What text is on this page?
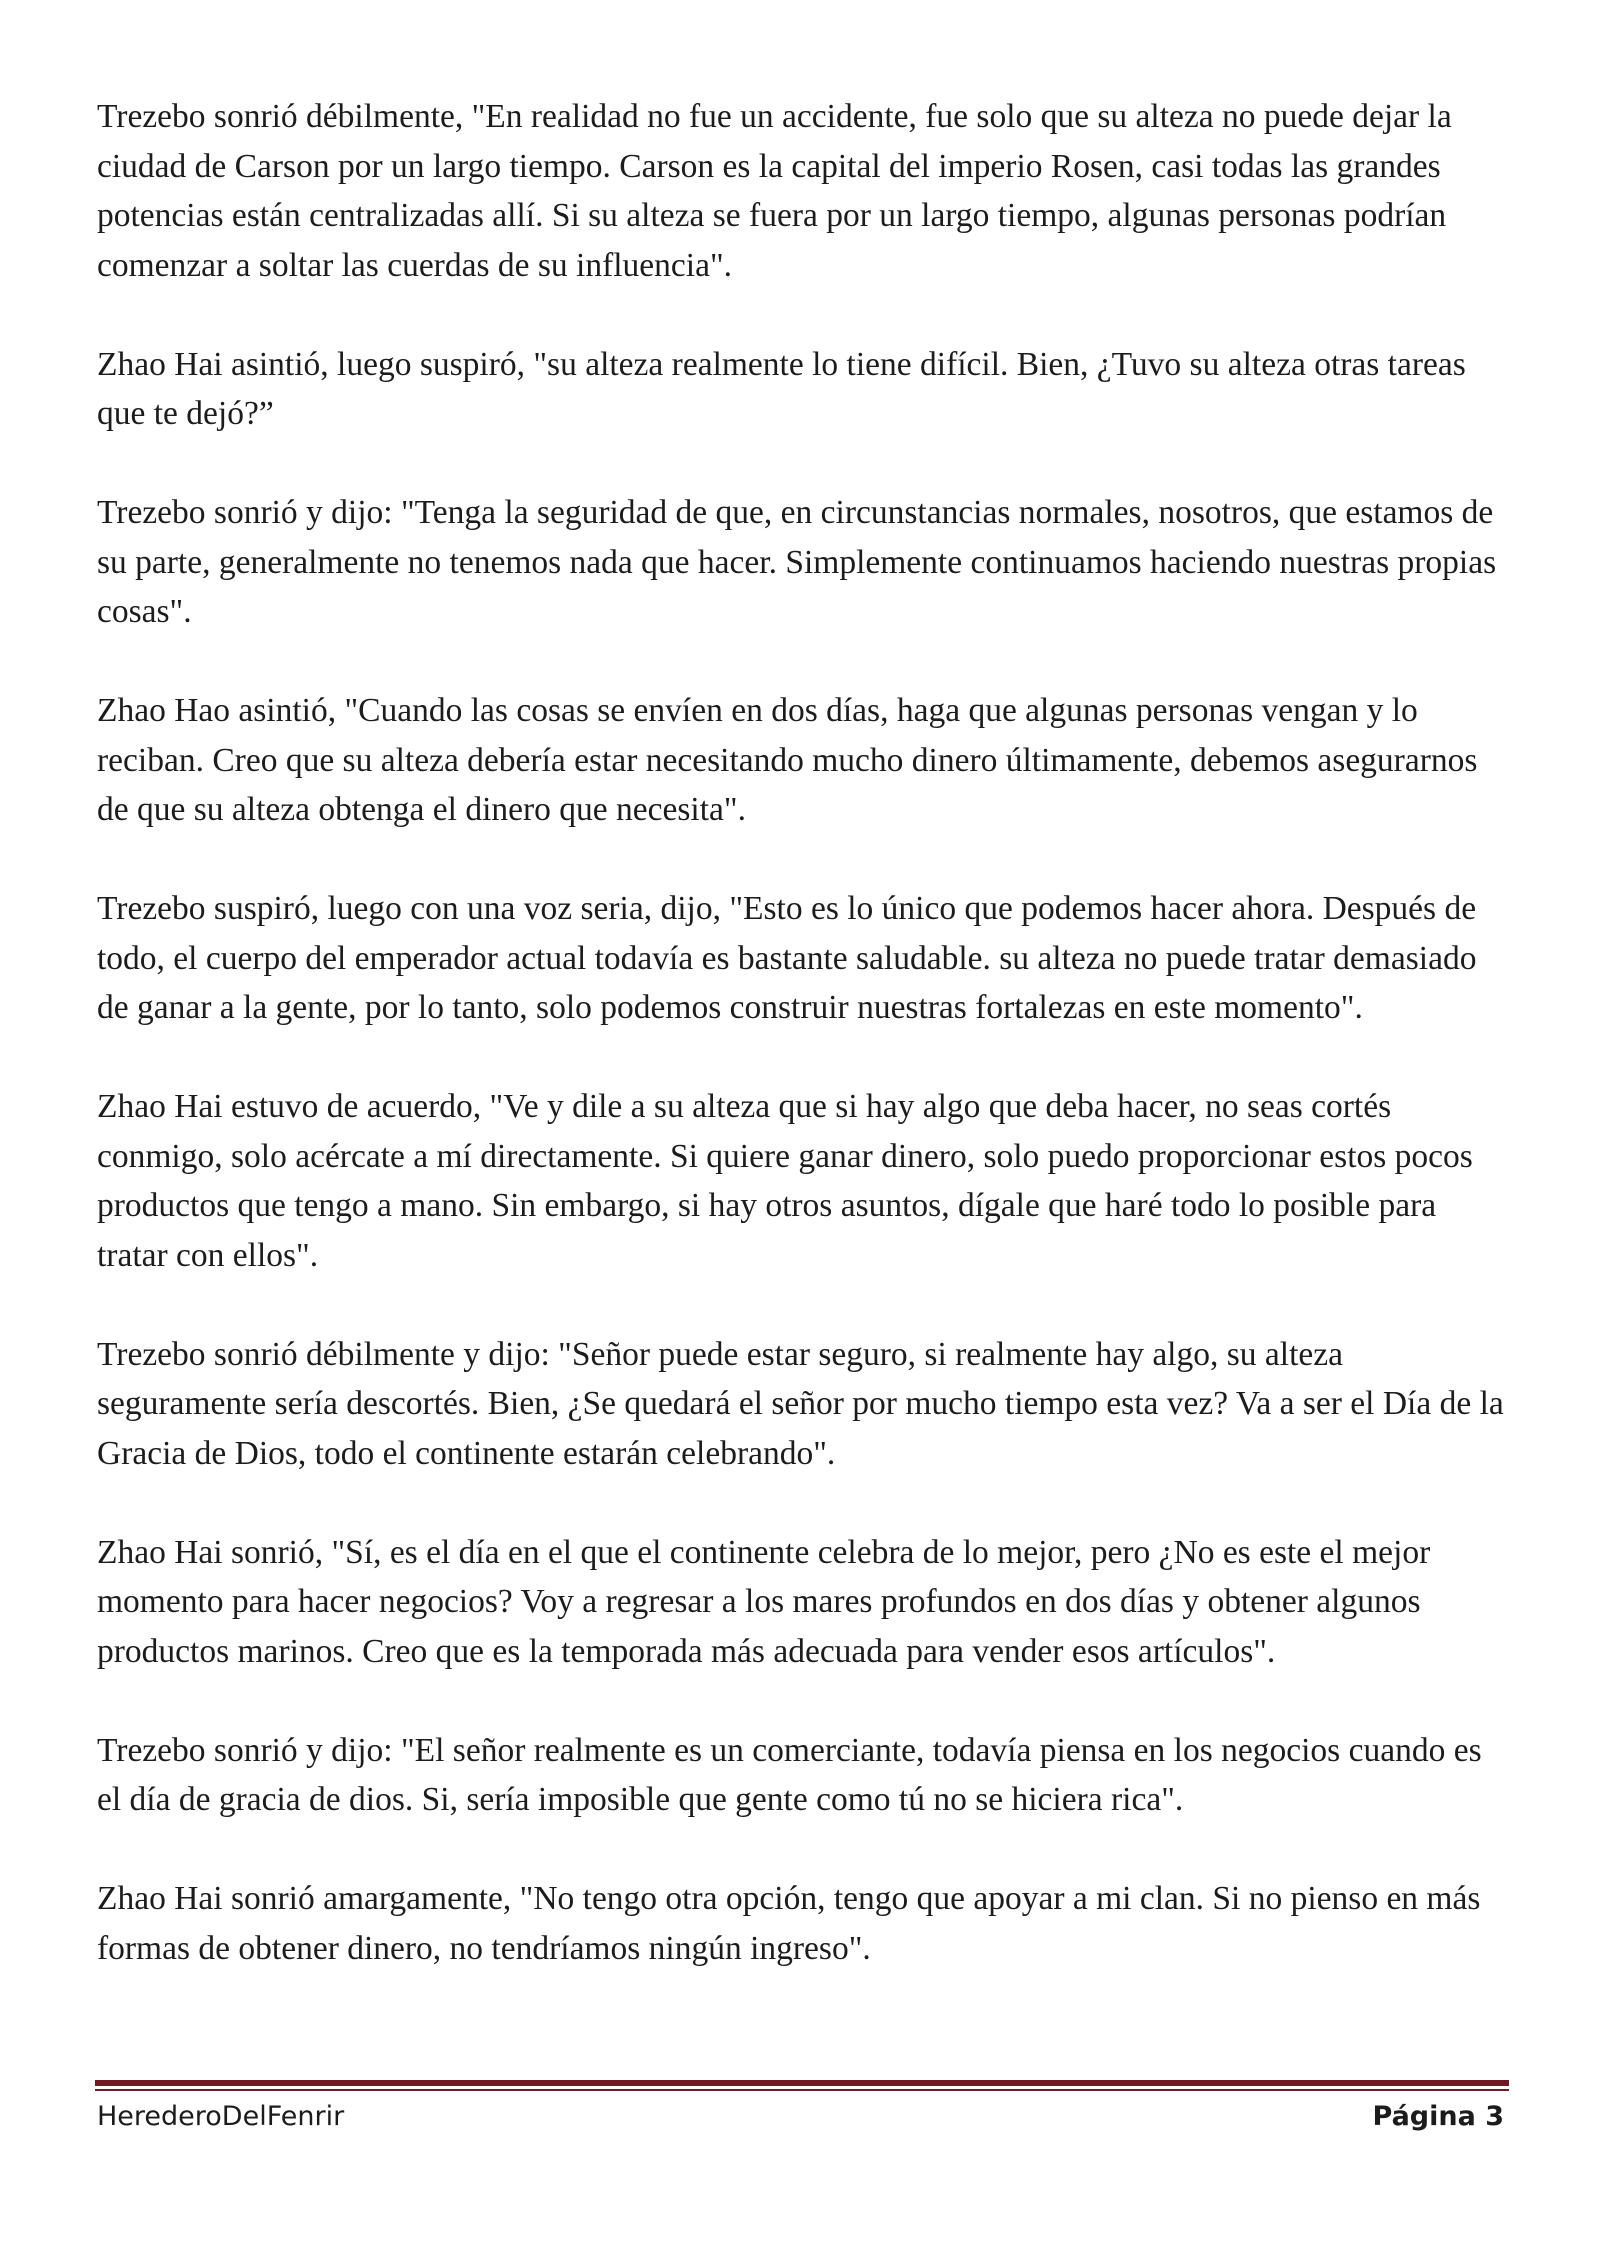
Trezebo sonrió débilmente, "En realidad no fue un accidente, fue solo que su alteza no puede dejar la ciudad de Carson por un largo tiempo. Carson es la capital del imperio Rosen, casi todas las grandes potencias están centralizadas allí. Si su alteza se fuera por un largo tiempo, algunas personas podrían comenzar a soltar las cuerdas de su influencia".

Zhao Hai asintió, luego suspiró, "su alteza realmente lo tiene difícil. Bien, ¿Tuvo su alteza otras tareas que te dejó?”

Trezebo sonrió y dijo: "Tenga la seguridad de que, en circunstancias normales, nosotros, que estamos de su parte, generalmente no tenemos nada que hacer. Simplemente continuamos haciendo nuestras propias cosas".

Zhao Hao asintió, "Cuando las cosas se envíen en dos días, haga que algunas personas vengan y lo reciban. Creo que su alteza debería estar necesitando mucho dinero últimamente, debemos asegurarnos de que su alteza obtenga el dinero que necesita".

Trezebo suspiró, luego con una voz seria, dijo, "Esto es lo único que podemos hacer ahora. Después de todo, el cuerpo del emperador actual todavía es bastante saludable. su alteza no puede tratar demasiado de ganar a la gente, por lo tanto, solo podemos construir nuestras fortalezas en este momento".

Zhao Hai estuvo de acuerdo, "Ve y dile a su alteza que si hay algo que deba hacer, no seas cortés conmigo, solo acércate a mí directamente. Si quiere ganar dinero, solo puedo proporcionar estos pocos productos que tengo a mano. Sin embargo, si hay otros asuntos, dígale que haré todo lo posible para tratar con ellos".

Trezebo sonrió débilmente y dijo: "Señor puede estar seguro, si realmente hay algo, su alteza seguramente sería descortés. Bien, ¿Se quedará el señor por mucho tiempo esta vez? Va a ser el Día de la Gracia de Dios, todo el continente estarán celebrando".

Zhao Hai sonrió, "Sí, es el día en el que el continente celebra de lo mejor, pero ¿No es este el mejor momento para hacer negocios? Voy a regresar a los mares profundos en dos días y obtener algunos productos marinos. Creo que es la temporada más adecuada para vender esos artículos".

Trezebo sonrió y dijo: "El señor realmente es un comerciante, todavía piensa en los negocios cuando es el día de gracia de dios. Si, sería imposible que gente como tú no se hiciera rica".

Zhao Hai sonrió amargamente, "No tengo otra opción, tengo que apoyar a mi clan. Si no pienso en más formas de obtener dinero, no tendríamos ningún ingreso".

HerederoDelFenrir	Página 3
